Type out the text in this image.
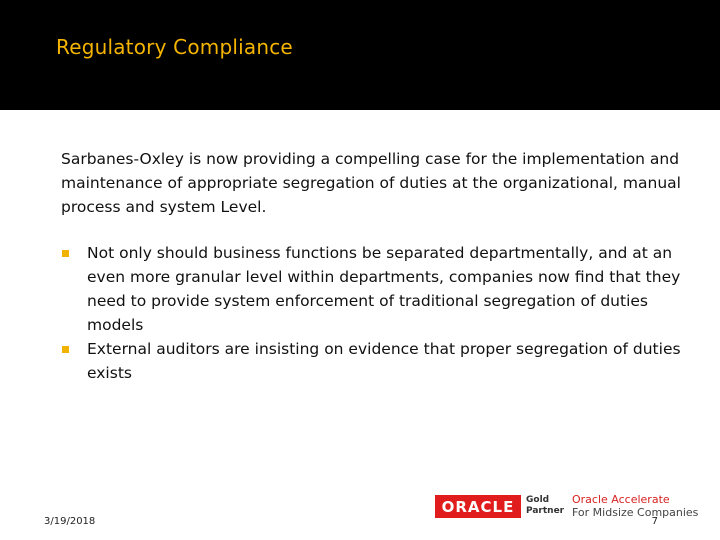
Regulatory Compliance
Sarbanes-Oxley is now providing a compelling case for the implementation and maintenance of appropriate segregation of duties at the organizational, manual process and system Level.
Not only should business functions be separated departmentally, and at an even more granular level within departments, companies now find that they need to provide system enforcement of traditional segregation of duties models
External auditors are insisting on evidence that proper segregation of duties exists
3/19/2018
ORACLE	Gold
Partner
Oracle Accelerate
For Midsize Companies
7
